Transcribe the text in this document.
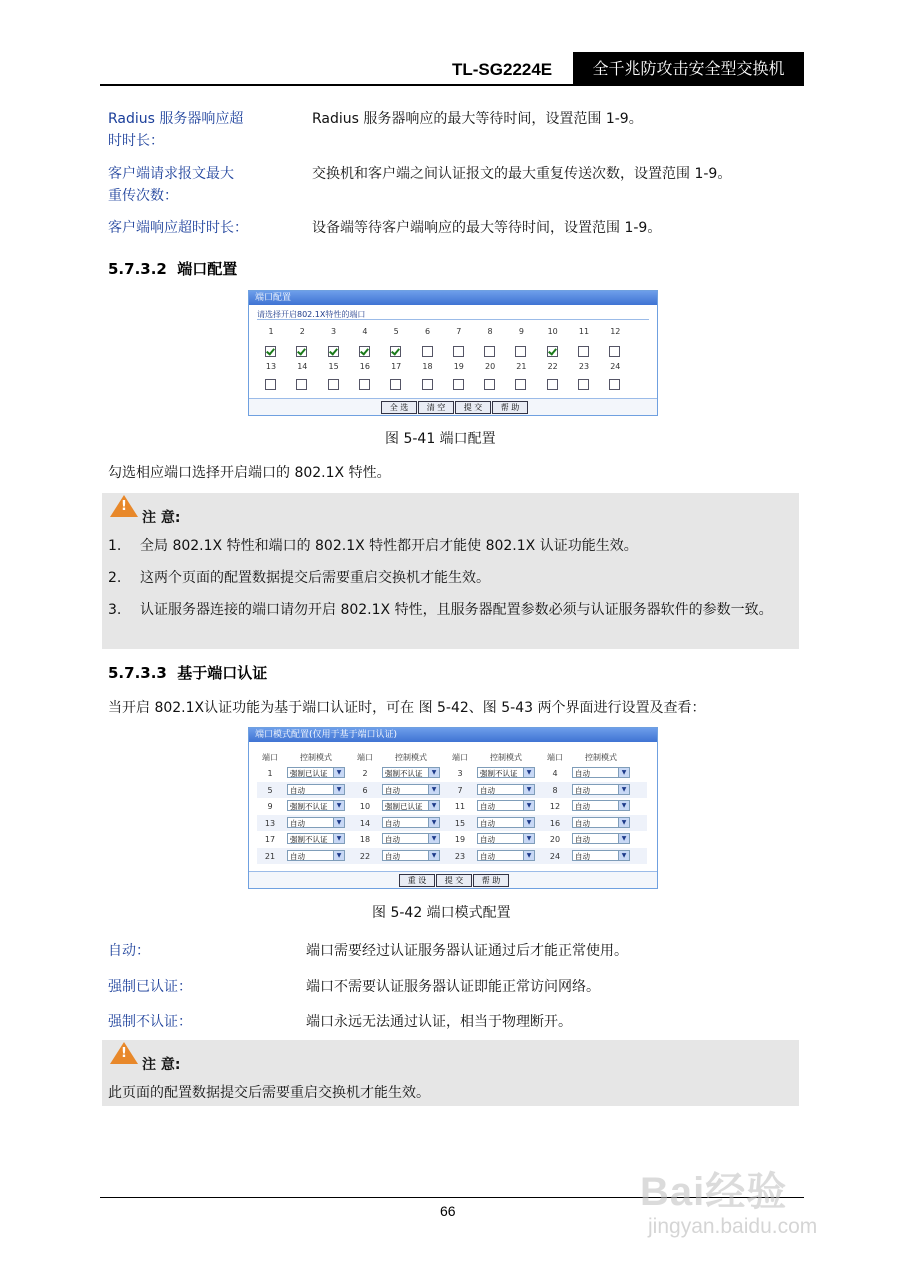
TL-SG2224E	全千兆防攻击安全型交换机
Radius 服务器响应超
时时长：
Radius 服务器响应的最大等待时间，设置范围 1-9。
客户端请求报文最大
重传次数：
交换机和客户端之间认证报文的最大重复传送次数，设置范围 1-9。
客户端响应超时时长：	设备端等待客户端响应的最大等待时间，设置范围 1-9。
5.7.3.2 端口配置
端口配置
请选择开启802.1X特性的端口
1	2	3	4	5	6	7	8	9	10	11	12
13	14	15	16	17	18	19	20	21	22	23	24
全 选	清 空	提 交	帮 助
图 5-41 端口配置
勾选相应端口选择开启端口的 802.1X 特性。
!
注 意:
1. 全局 802.1X 特性和端口的 802.1X 特性都开启才能使 802.1X 认证功能生效。
2. 这两个页面的配置数据提交后需要重启交换机才能生效。
3. 认证服务器连接的端口请勿开启 802.1X 特性，且服务器配置参数必须与认证服务器软件的参数一致。
5.7.3.3 基于端口认证
当开启 802.1X认证功能为基于端口认证时，可在 图 5-42、图 5-43 两个界面进行设置及查看：
端口模式配置(仅用于基于端口认证)
端口	控制模式	端口	控制模式	端口	控制模式	端口	控制模式
1	强制已认证	▼	2	强制不认证	▼	3	强制不认证	▼	4	自动	▼
5	自动	▼	6	自动	▼	7	自动	▼	8	自动	▼
9	强制不认证	▼	10	强制已认证	▼	11	自动	▼	12	自动	▼
13	自动	▼	14	自动	▼	15	自动	▼	16	自动	▼
17	强制不认证	▼	18	自动	▼	19	自动	▼	20	自动	▼
21	自动	▼	22	自动	▼	23	自动	▼	24	自动	▼
重 设	提 交	帮 助
图 5-42 端口模式配置
自动：	端口需要经过认证服务器认证通过后才能正常使用。
强制已认证：	端口不需要认证服务器认证即能正常访问网络。
强制不认证：	端口永远无法通过认证，相当于物理断开。
!
注 意:
此页面的配置数据提交后需要重启交换机才能生效。
66	Bai经验
jingyan.baidu.com
